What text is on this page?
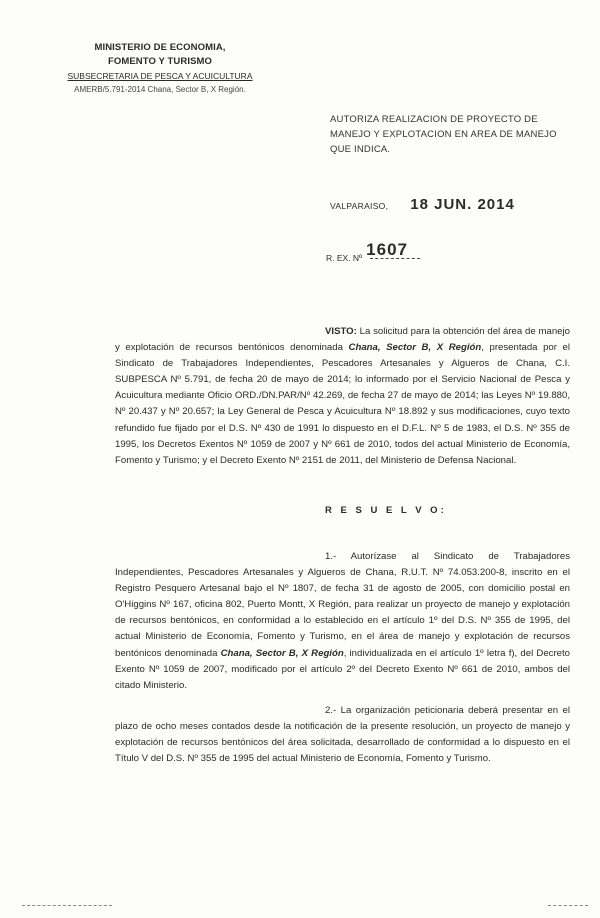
MINISTERIO DE ECONOMIA,
FOMENTO Y TURISMO
SUBSECRETARIA DE PESCA Y ACUICULTURA
AMERB/5.791-2014 Chana, Sector B, X Región.
AUTORIZA REALIZACION DE PROYECTO DE
MANEJO Y EXPLOTACION EN AREA DE MANEJO
QUE INDICA.
VALPARAISO, 18 JUN. 2014
R. EX. Nº 1607
VISTO: La solicitud para la obtención del área de manejo y explotación de recursos bentónicos denominada Chana, Sector B, X Región, presentada por el Sindicato de Trabajadores Independientes, Pescadores Artesanales y Algueros de Chana, C.I. SUBPESCA Nº 5.791, de fecha 20 de mayo de 2014; lo informado por el Servicio Nacional de Pesca y Acuicultura mediante Oficio ORD./DN.PAR/Nº 42.269, de fecha 27 de mayo de 2014; las Leyes Nº 19.880, Nº 20.437 y Nº 20.657; la Ley General de Pesca y Acuicultura Nº 18.892 y sus modificaciones, cuyo texto refundido fue fijado por el D.S. Nº 430 de 1991 lo dispuesto en el D.F.L. Nº 5 de 1983, el D.S. Nº 355 de 1995, los Decretos Exentos Nº 1059 de 2007 y Nº 661 de 2010, todos del actual Ministerio de Economía, Fomento y Turismo; y el Decreto Exento Nº 2151 de 2011, del Ministerio de Defensa Nacional.
R E S U E L V O:
1.- Autorízase al Sindicato de Trabajadores Independientes, Pescadores Artesanales y Algueros de Chana, R.U.T. Nº 74.053.200-8, inscrito en el Registro Pesquero Artesanal bajo el Nº 1807, de fecha 31 de agosto de 2005, con domicilio postal en O'Higgins Nº 167, oficina 802, Puerto Montt, X Región, para realizar un proyecto de manejo y explotación de recursos bentónicos, en conformidad a lo establecido en el artículo 1º del D.S. Nº 355 de 1995, del actual Ministerio de Economía, Fomento y Turismo, en el área de manejo y explotación de recursos bentónicos denominada Chana, Sector B, X Región, individualizada en el artículo 1º letra f), del Decreto Exento Nº 1059 de 2007, modificado por el artículo 2º del Decreto Exento Nº 661 de 2010, ambos del citado Ministerio.
2.- La organización peticionaria deberá presentar en el plazo de ocho meses contados desde la notificación de la presente resolución, un proyecto de manejo y explotación de recursos bentónicos del área solicitada, desarrollado de conformidad a lo dispuesto en el Título V del D.S. Nº 355 de 1995 del actual Ministerio de Economía, Fomento y Turismo.
